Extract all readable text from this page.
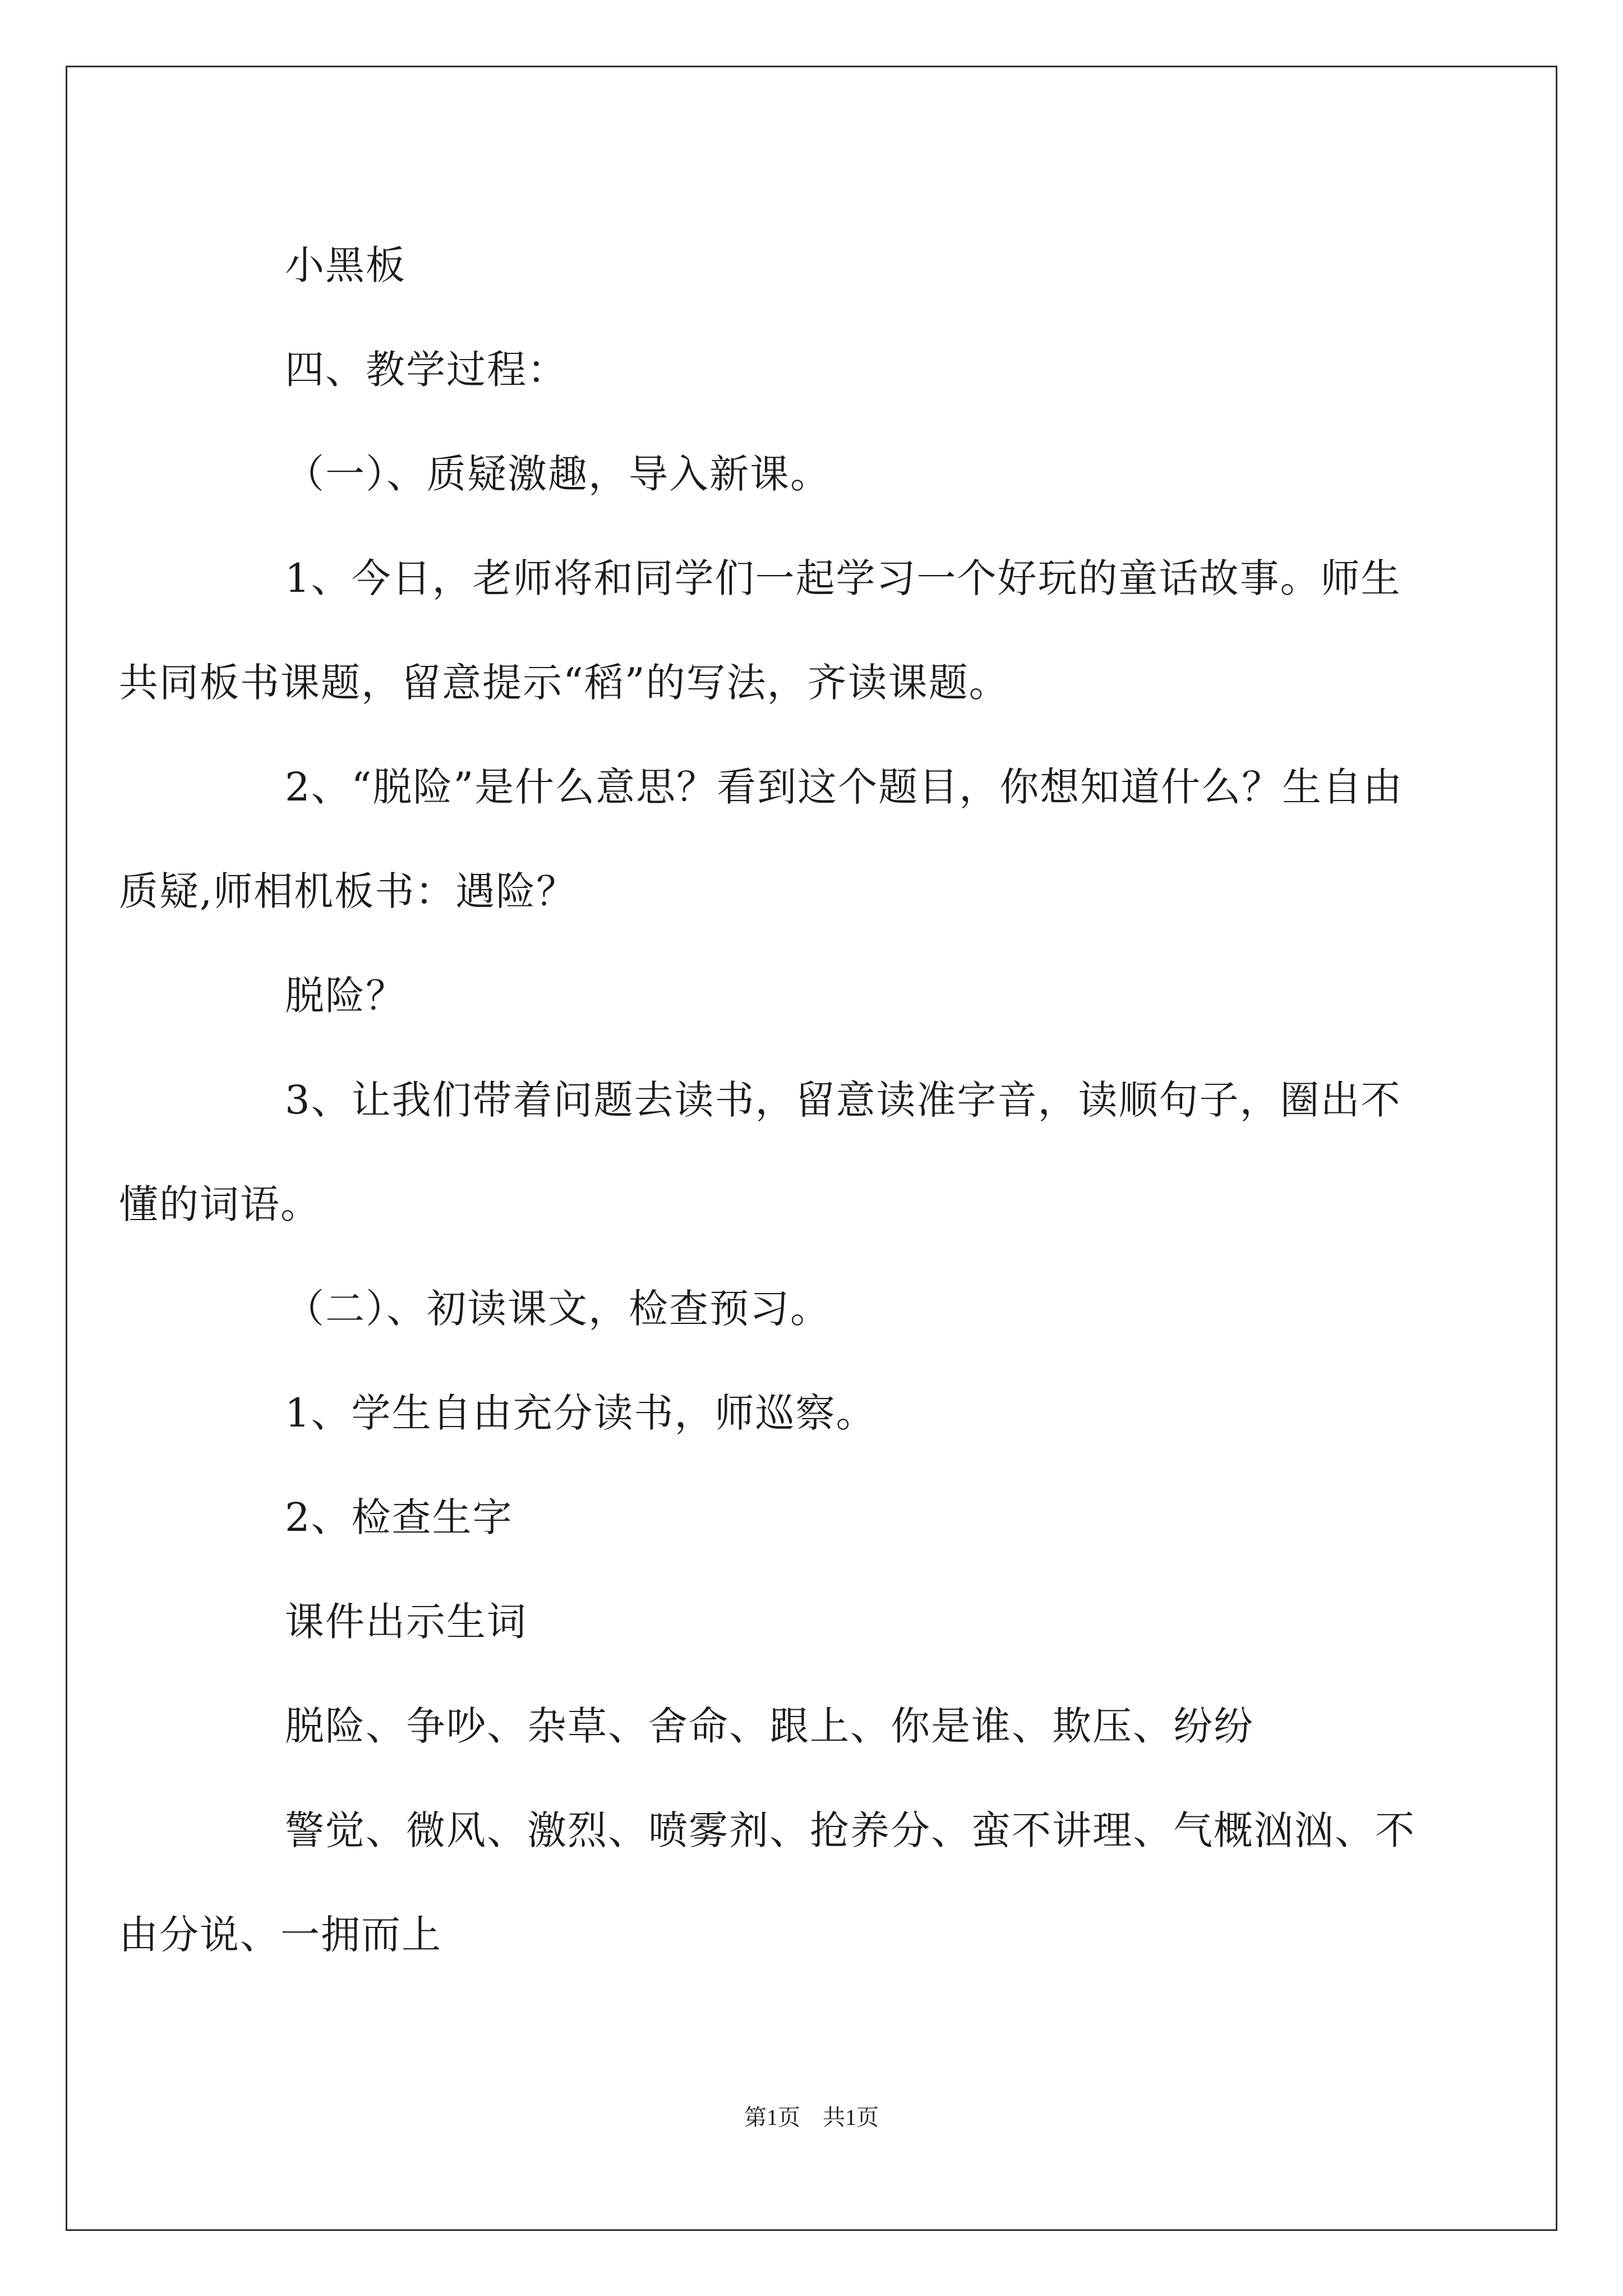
小黑板

四、教学过程：

（一）、质疑激趣，导入新课。

1、今日，老师将和同学们一起学习一个好玩的童话故事。师生共同板书课题，留意提示“稻”的写法，齐读课题。

2、“脱险”是什么意思？看到这个题目，你想知道什么？生自由质疑,师相机板书：遇险？

脱险？

3、让我们带着问题去读书，留意读准字音，读顺句子，圈出不懂的词语。

（二）、初读课文，检查预习。

1、学生自由充分读书，师巡察。

2、检查生字

课件出示生词

脱险、争吵、杂草、舍命、跟上、你是谁、欺压、纷纷

警觉、微风、激烈、喷雾剂、抢养分、蛮不讲理、气概汹汹、不由分说、一拥而上

第1页　共1页
